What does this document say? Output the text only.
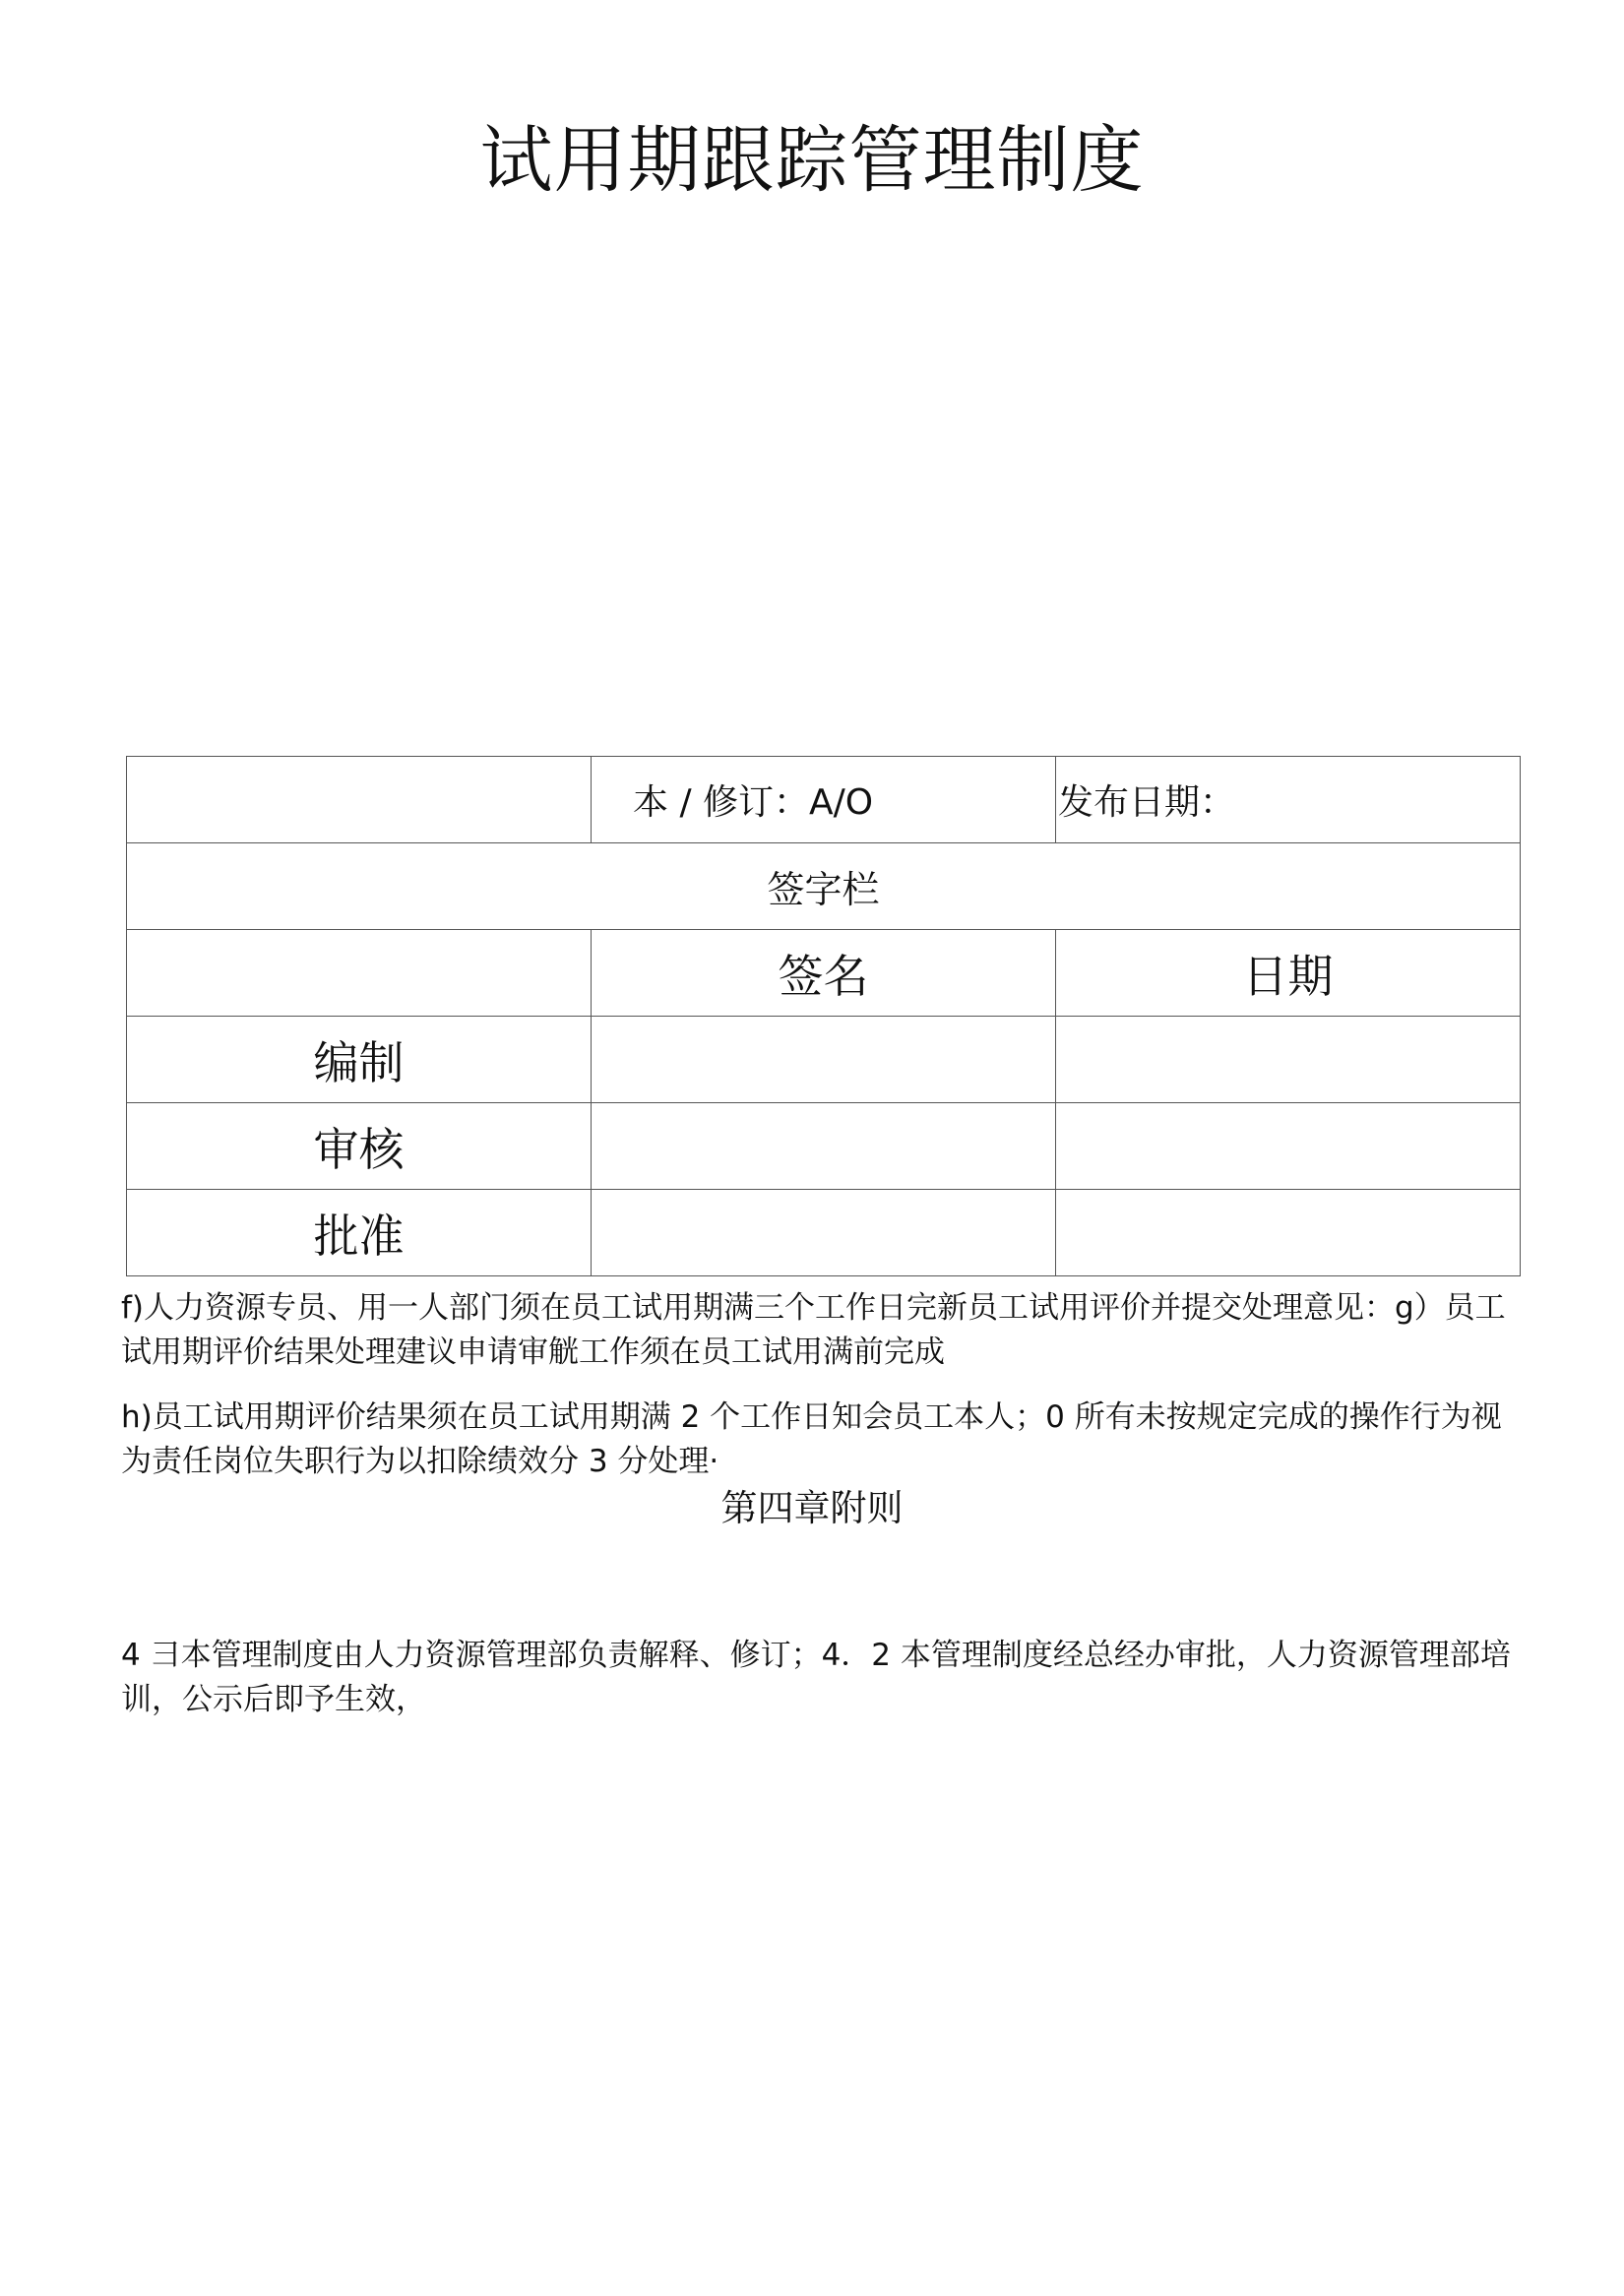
试用期跟踪管理制度
	本 / 修订：A/O	发布日期：
签字栏		
	签名	日期
编制		
审核		
批准		
f)人力资源专员、用一人部门须在员工试用期满三个工作日完新员工试用评价并提交处理意见：g）员工试用期评价结果处理建议申请审觥工作须在员工试用满前完成
h)员工试用期评价结果须在员工试用期满 2 个工作日知会员工本人；0 所有未按规定完成的操作行为视为责任岗位失职行为以扣除绩效分 3 分处理·
第四章附则
4 彐本管理制度由人力资源管理部负责解释、修订；4．2 本管理制度经总经办审批，人力资源管理部培训，公示后即予生效，
